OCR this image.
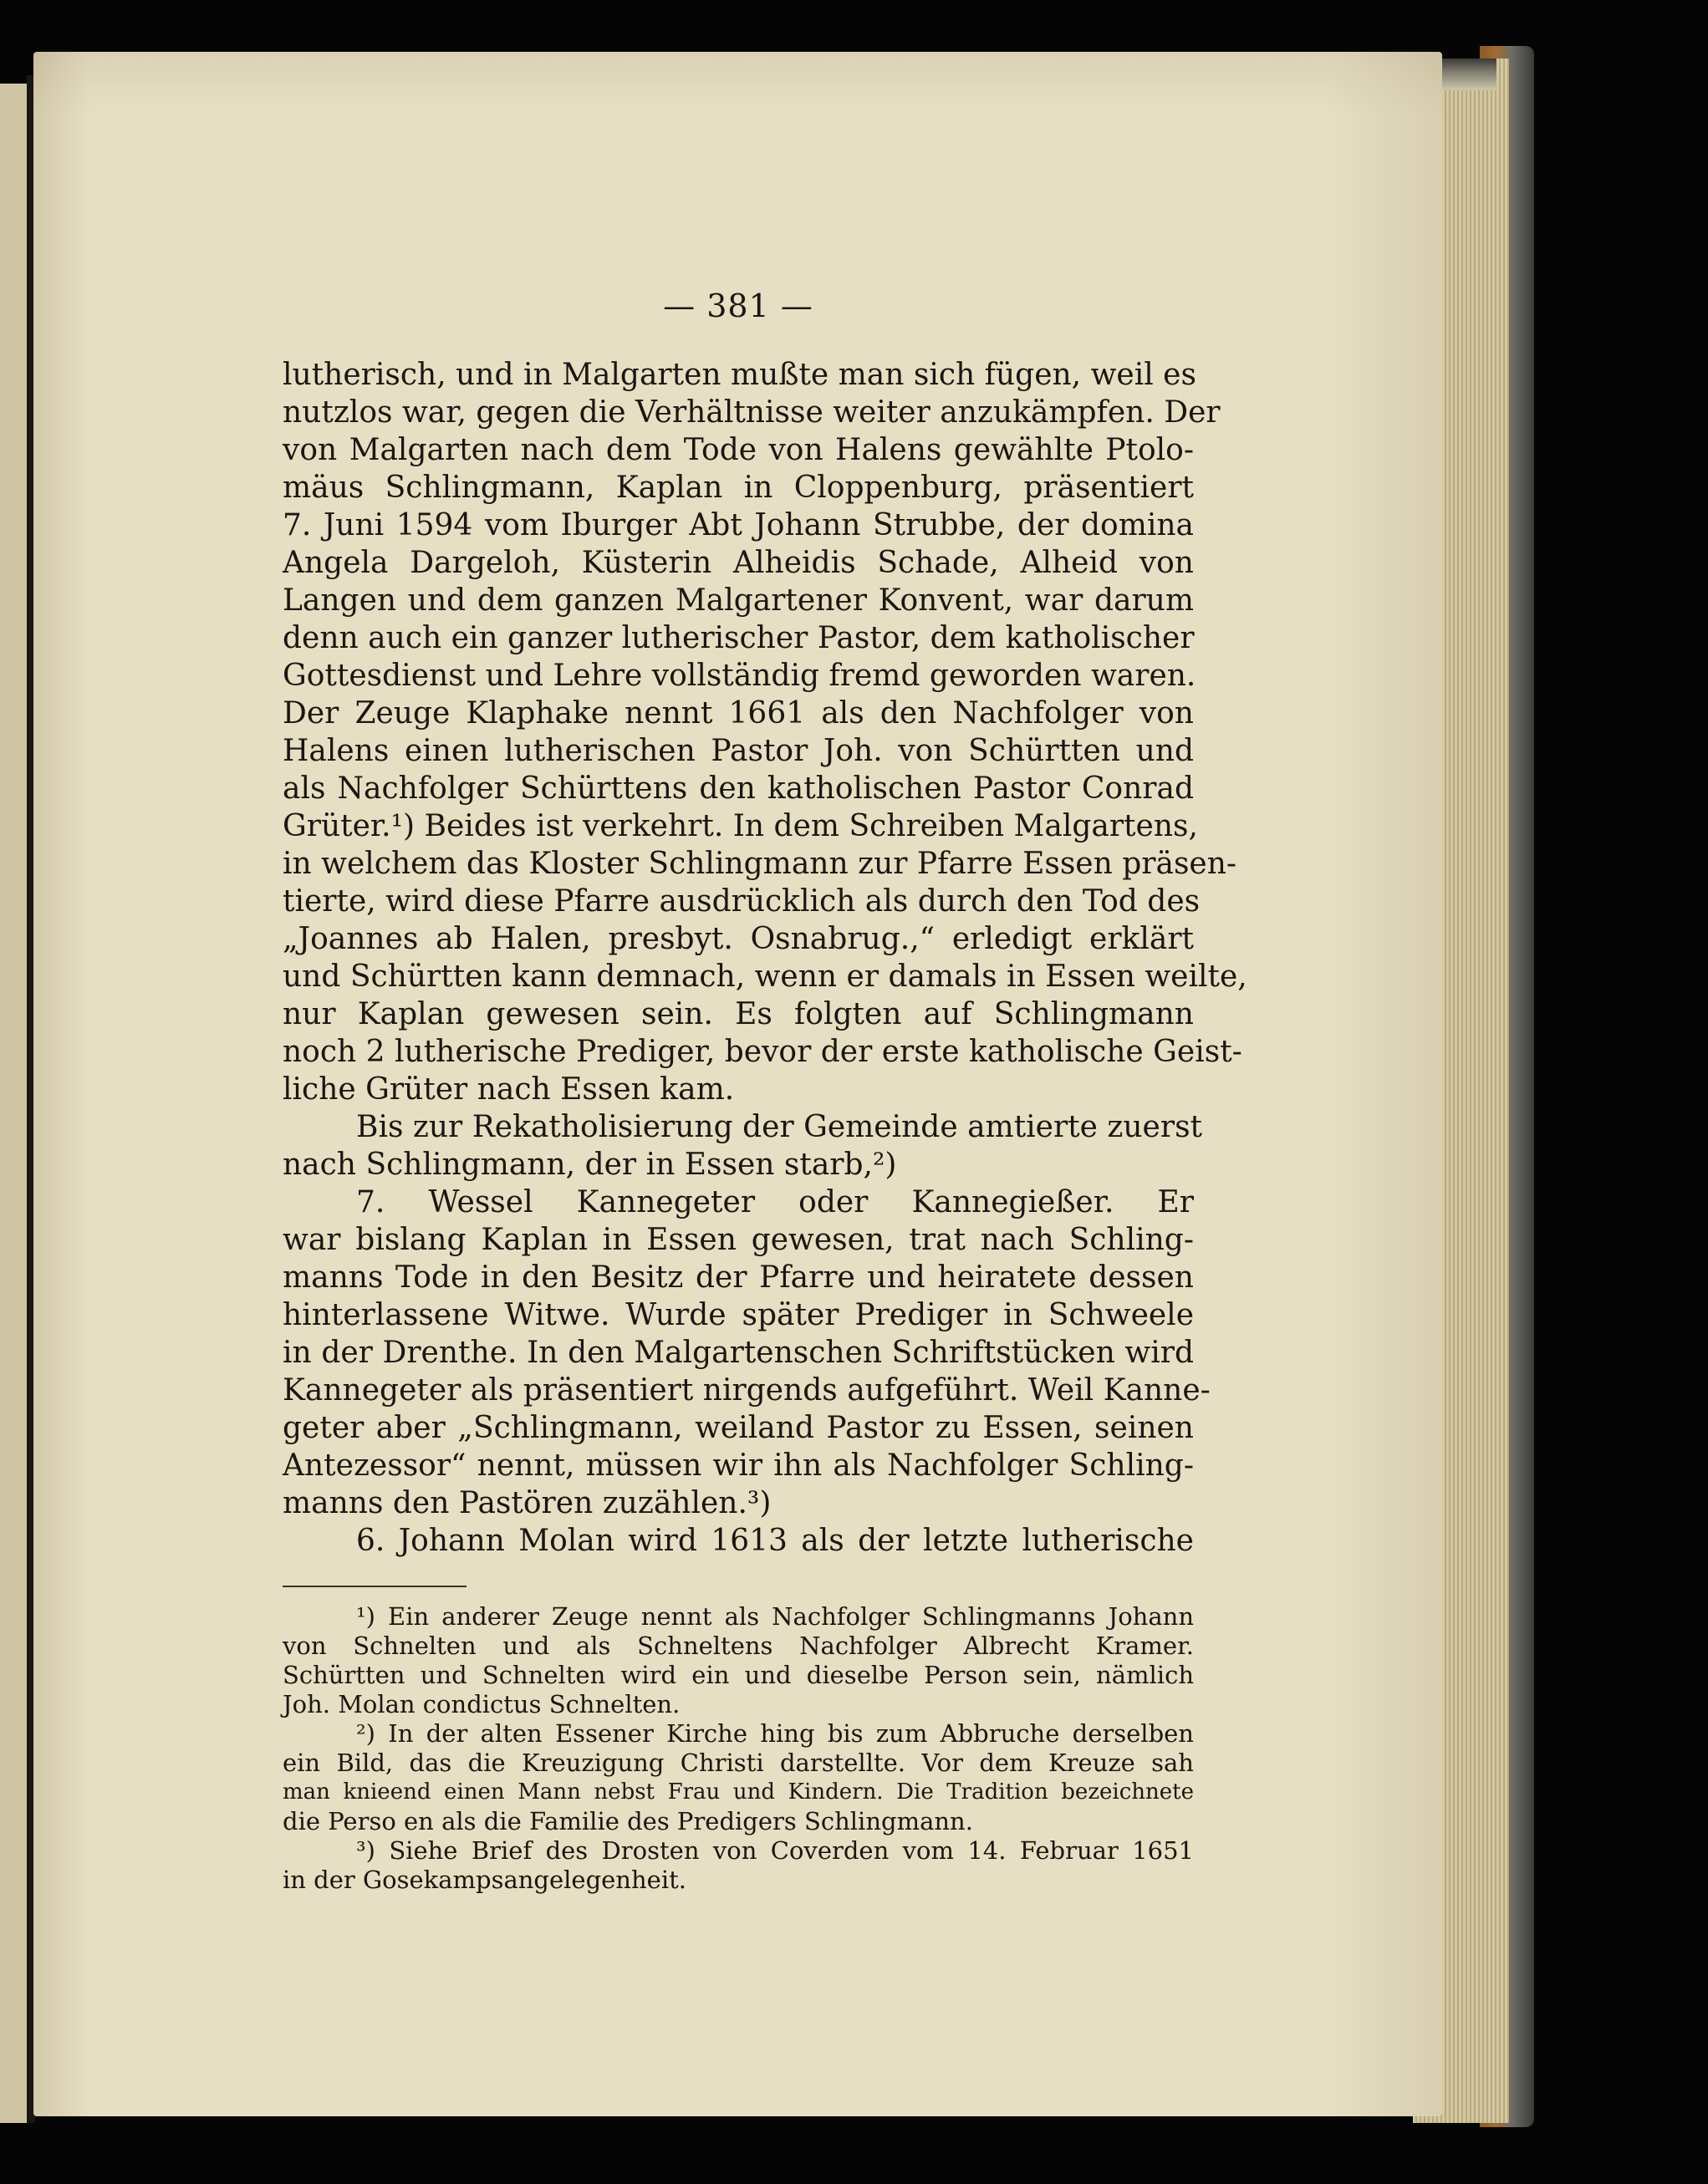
— 381 —
lutherisch, und in Malgarten mußte man sich fügen, weil es
nutzlos war, gegen die Verhältnisse weiter anzukämpfen. Der
von Malgarten nach dem Tode von Halens gewählte Ptolo-
mäus Schlingmann, Kaplan in Cloppenburg, präsentiert
7. Juni 1594 vom Iburger Abt Johann Strubbe, der domina
Angela Dargeloh, Küsterin Alheidis Schade, Alheid von
Langen und dem ganzen Malgartener Konvent, war darum
denn auch ein ganzer lutherischer Pastor, dem katholischer
Gottesdienst und Lehre vollständig fremd geworden waren.
Der Zeuge Klaphake nennt 1661 als den Nachfolger von
Halens einen lutherischen Pastor Joh. von Schürtten und
als Nachfolger Schürttens den katholischen Pastor Conrad
Grüter.¹) Beides ist verkehrt. In dem Schreiben Malgartens,
in welchem das Kloster Schlingmann zur Pfarre Essen präsen-
tierte, wird diese Pfarre ausdrücklich als durch den Tod des
„Joannes ab Halen, presbyt. Osnabrug.,“ erledigt erklärt
und Schürtten kann demnach, wenn er damals in Essen weilte,
nur Kaplan gewesen sein. Es folgten auf Schlingmann
noch 2 lutherische Prediger, bevor der erste katholische Geist-
liche Grüter nach Essen kam.
Bis zur Rekatholisierung der Gemeinde amtierte zuerst
nach Schlingmann, der in Essen starb,²)
7. Wessel Kannegeter oder Kannegießer. Er
war bislang Kaplan in Essen gewesen, trat nach Schling-
manns Tode in den Besitz der Pfarre und heiratete dessen
hinterlassene Witwe. Wurde später Prediger in Schweele
in der Drenthe. In den Malgartenschen Schriftstücken wird
Kannegeter als präsentiert nirgends aufgeführt. Weil Kanne-
geter aber „Schlingmann, weiland Pastor zu Essen, seinen
Antezessor“ nennt, müssen wir ihn als Nachfolger Schling-
manns den Pastören zuzählen.³)
6. Johann Molan wird 1613 als der letzte lutherische
¹) Ein anderer Zeuge nennt als Nachfolger Schlingmanns Johann
von Schnelten und als Schneltens Nachfolger Albrecht Kramer.
Schürtten und Schnelten wird ein und dieselbe Person sein, nämlich
Joh. Molan condictus Schnelten.
²) In der alten Essener Kirche hing bis zum Abbruche derselben
ein Bild, das die Kreuzigung Christi darstellte. Vor dem Kreuze sah
man knieend einen Mann nebst Frau und Kindern. Die Tradition bezeichnete
die Perso en als die Familie des Predigers Schlingmann.
³) Siehe Brief des Drosten von Coverden vom 14. Februar 1651
in der Gosekampsangelegenheit.
